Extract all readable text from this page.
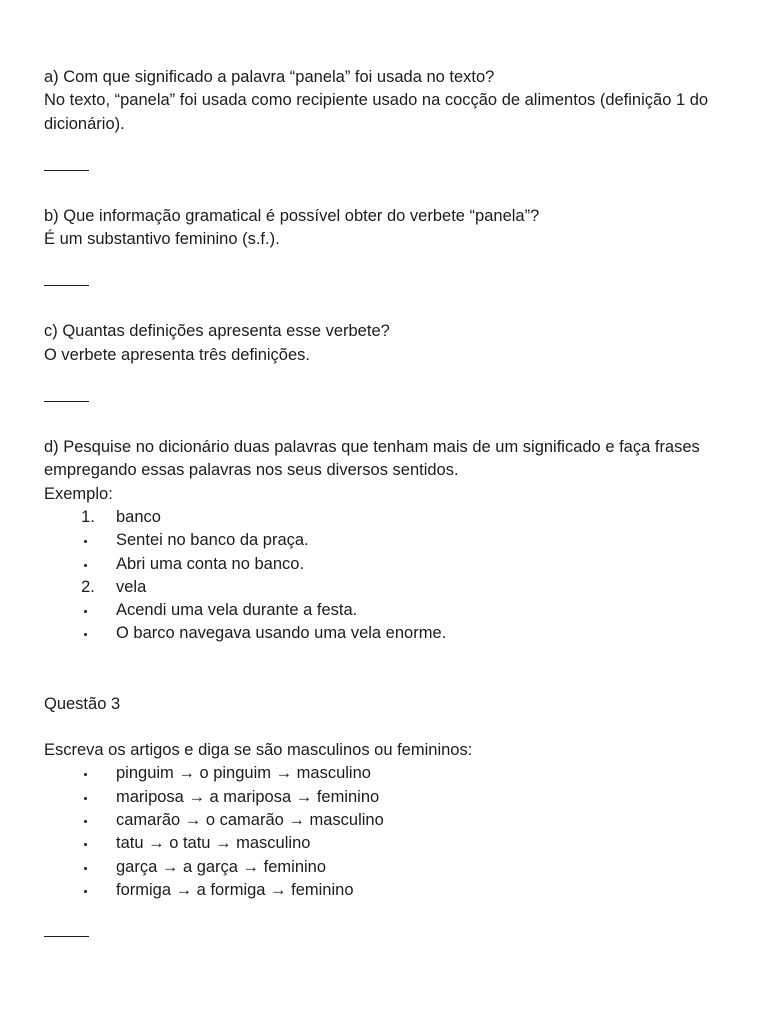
a) Com que significado a palavra “panela” foi usada no texto?
No texto, “panela” foi usada como recipiente usado na cocção de alimentos (definição 1 do dicionário).
b) Que informação gramatical é possível obter do verbete “panela”?
É um substantivo feminino (s.f.).
c) Quantas definições apresenta esse verbete?
O verbete apresenta três definições.
d) Pesquise no dicionário duas palavras que tenham mais de um significado e faça frases empregando essas palavras nos seus diversos sentidos.
Exemplo:
1. banco
Sentei no banco da praça.
Abri uma conta no banco.
2. vela
Acendi uma vela durante a festa.
O barco navegava usando uma vela enorme.
Questão 3
Escreva os artigos e diga se são masculinos ou femininos:
pinguim → o pinguim → masculino
mariposa → a mariposa → feminino
camarão → o camarão → masculino
tatu → o tatu → masculino
garça → a garça → feminino
formiga → a formiga → feminino
